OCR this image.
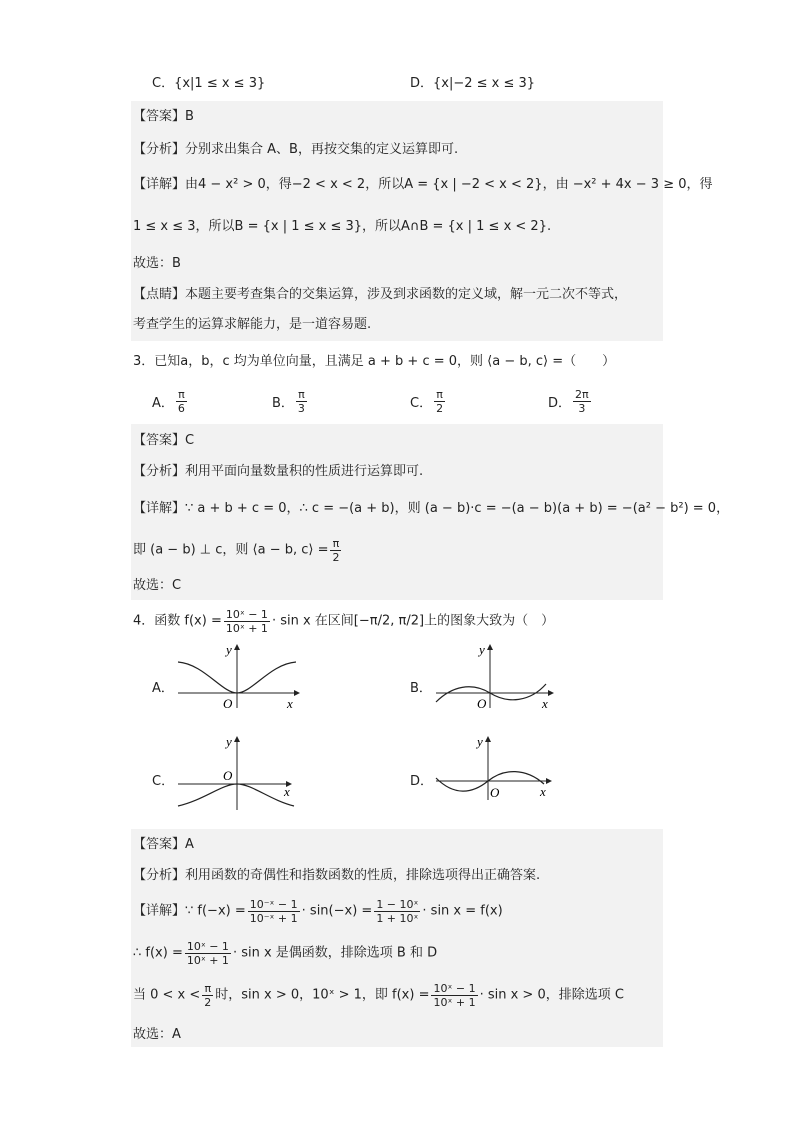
C．{x|1 ≤ x ≤ 3}	D．{x|−2 ≤ x ≤ 3}
【答案】B
【分析】分别求出集合 A、B，再按交集的定义运算即可.
【详解】由4 − x² > 0，得−2 < x < 2，所以A = {x | −2 < x < 2}，由 −x² + 4x − 3 ≥ 0，得
1 ≤ x ≤ 3，所以B = {x | 1 ≤ x ≤ 3}，所以A∩B = {x | 1 ≤ x < 2}.
故选：B
【点睛】本题主要考查集合的交集运算，涉及到求函数的定义域，解一元二次不等式，
考查学生的运算求解能力，是一道容易题.
3．已知a，b，c 均为单位向量，且满足 a + b + c = 0，则 ⟨a − b, c⟩ =（　　）
A． $\frac{\pi}{6}$	B． $\frac{\pi}{3}$	C． $\frac{\pi}{2}$	D． $\frac{2\pi}{3}$
【答案】C
【分析】利用平面向量数量积的性质进行运算即可.
【详解】∵ a + b + c = 0，∴ c = −(a + b)，则 (a − b)·c = −(a − b)(a + b) = −(a² − b²) = 0，
即 (a − b) ⊥ c，则 ⟨a − b, c⟩ = $\frac{\pi}{2}$
故选：C
4．函数 $f(x) = \frac{\text{10ˣ − 1}}{\text{10ˣ + 1}} \cdot \sin x$ 在区间[−π/2, π/2]上的图象大致为（　）
A．	B．
C．	D．
x
y
O	x
y
O
x
y
O
x
y
O
【答案】A
【分析】利用函数的奇偶性和指数函数的性质，排除选项得出正确答案.
【详解】∵ $f(-x) = \frac{\text{10⁻ˣ − 1}}{\text{10⁻ˣ + 1}} \cdot \sin(-x) = \frac{\text{1 − 10ˣ}}{\text{1 + 10ˣ}} \cdot \sin x = f(x)$
∴ $f(x) = \frac{\text{10ˣ − 1}}{\text{10ˣ + 1}} \cdot \sin x$ 是偶函数，排除选项 B 和 D
当 $0 < x < \frac{\pi}{2}$ 时，sin x > 0，10ˣ > 1，即 $f(x) = \frac{\text{10ˣ − 1}}{\text{10ˣ + 1}} \cdot \sin x > 0$，排除选项 C
故选：A
